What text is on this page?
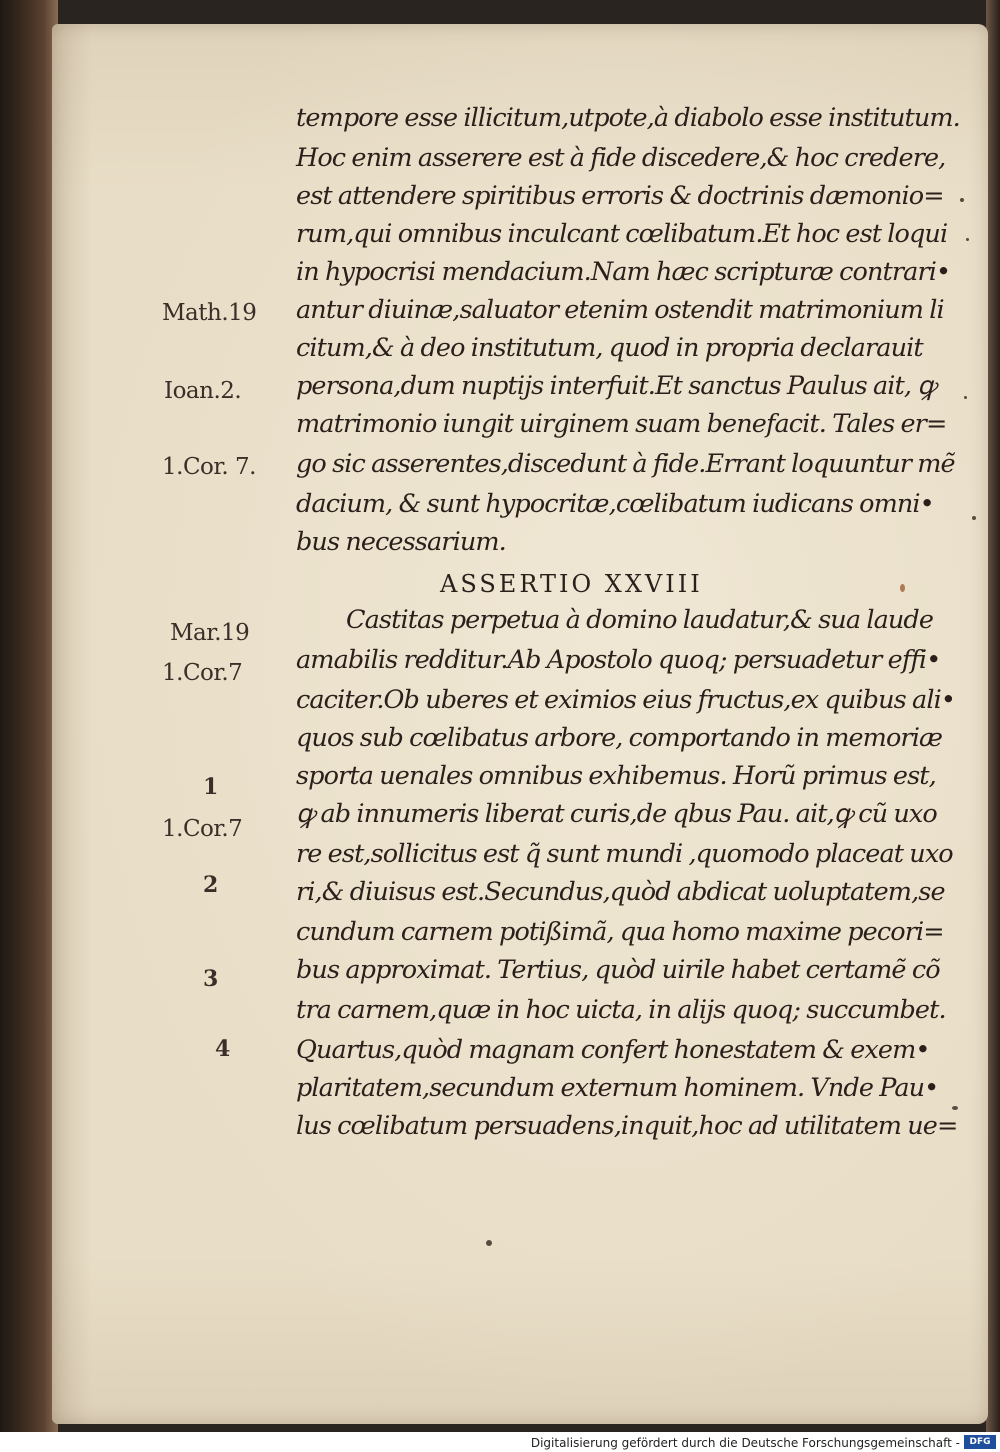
tempore esse illicitum,utpote,à diabolo esse institutum.
Hoc enim asserere est à fide discedere,& hoc credere,
est attendere spiritibus erroris & doctrinis dæmonio=
rum,qui omnibus inculcant cœlibatum.Et hoc est loqui
in hypocrisi mendacium.Nam hæc scripturæ contrari•
antur diuinæ,saluator etenim ostendit matrimonium li
citum,& à deo institutum, quod in propria declarauit
persona,dum nuptijs interfuit.Et sanctus Paulus ait, ꝙ
matrimonio iungit uirginem suam benefacit. Tales er=
go sic asserentes,discedunt à fide.Errant loquuntur mẽ
dacium, & sunt hypocritæ,cœlibatum iudicans omni•
bus necessarium.
ASSERTIO XXVIII
Castitas perpetua à domino laudatur,& sua laude
amabilis redditur.Ab Apostolo quoq; persuadetur effi•
caciter.Ob uberes et eximios eius fructus,ex quibus ali•
quos sub cœlibatus arbore, comportando in memoriæ
sporta uenales omnibus exhibemus. Horũ primus est,
ꝙ ab innumeris liberat curis,de qbus Pau. ait,ꝙ cũ uxo
re est,sollicitus est q̃ sunt mundi ,quomodo placeat uxo
ri,& diuisus est.Secundus,quòd abdicat uoluptatem,se
cundum carnem potißimã, qua homo maxime pecori=
bus approximat. Tertius, quòd uirile habet certamẽ cõ
tra carnem,quæ in hoc uicta, in alijs quoq; succumbet.
Quartus,quòd magnam confert honestatem & exem•
plaritatem,secundum externum hominem. Vnde Pau•
lus cœlibatum persuadens,inquit,hoc ad utilitatem ue=
Math.19
Ioan.2.
1.Cor. 7.
Mar.19
1.Cor.7
1
1.Cor.7
2
3
4
Digitalisierung gefördert durch die Deutsche Forschungsgemeinschaft -	DFG
